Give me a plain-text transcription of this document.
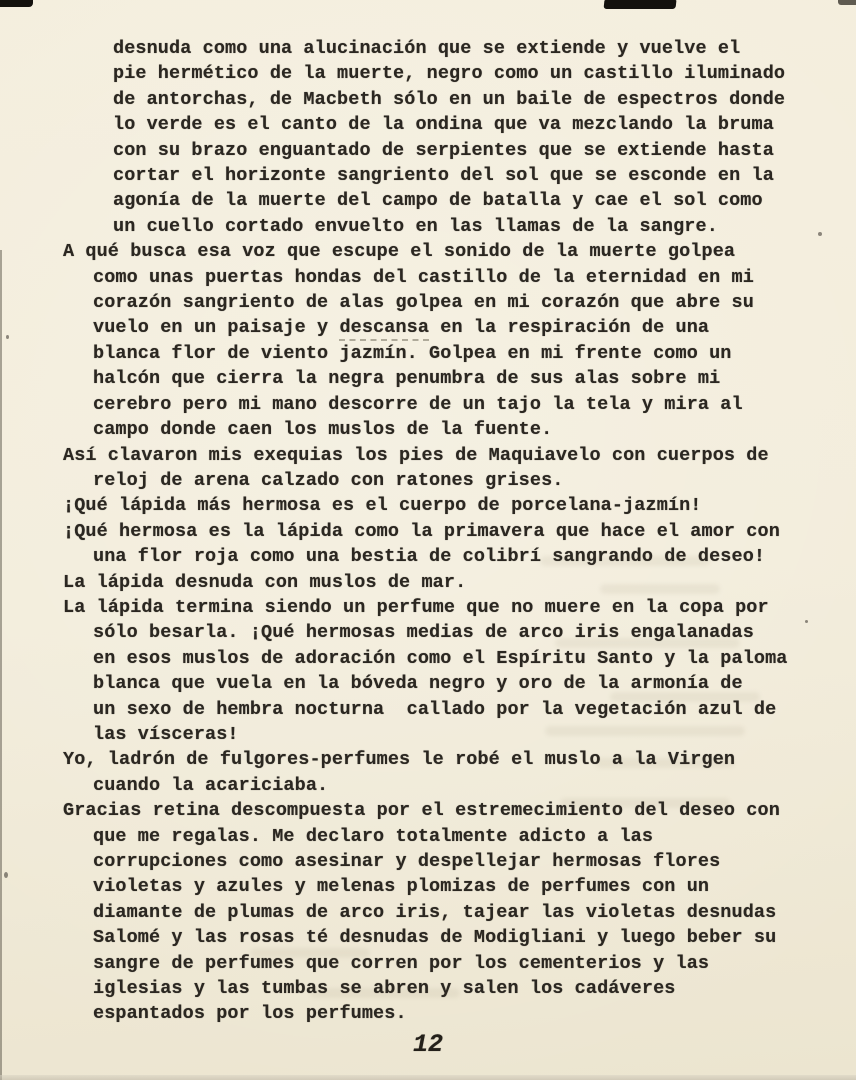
desnuda como una alucinación que se extiende y vuelve el
pie hermético de la muerte, negro como un castillo iluminado
de antorchas, de Macbeth sólo en un baile de espectros donde
lo verde es el canto de la ondina que va mezclando la bruma
con su brazo enguantado de serpientes que se extiende hasta
cortar el horizonte sangriento del sol que se esconde en la
agonía de la muerte del campo de batalla y cae el sol como
un cuello cortado envuelto en las llamas de la sangre.
A qué busca esa voz que escupe el sonido de la muerte golpea
como unas puertas hondas del castillo de la eternidad en mi
corazón sangriento de alas golpea en mi corazón que abre su
vuelo en un paisaje y descansa en la respiración de una
blanca flor de viento jazmín. Golpea en mi frente como un
halcón que cierra la negra penumbra de sus alas sobre mi
cerebro pero mi mano descorre de un tajo la tela y mira al
campo donde caen los muslos de la fuente.
Así clavaron mis exequias los pies de Maquiavelo con cuerpos de
reloj de arena calzado con ratones grises.
¡Qué lápida más hermosa es el cuerpo de porcelana-jazmín!
¡Qué hermosa es la lápida como la primavera que hace el amor con
una flor roja como una bestia de colibrí sangrando de deseo!
La lápida desnuda con muslos de mar.
La lápida termina siendo un perfume que no muere en la copa por
sólo besarla. ¡Qué hermosas medias de arco iris engalanadas
en esos muslos de adoración como el Espíritu Santo y la paloma
blanca que vuela en la bóveda negro y oro de la armonía de
un sexo de hembra nocturna  callado por la vegetación azul de
las vísceras!
Yo, ladrón de fulgores-perfumes le robé el muslo a la Virgen
cuando la acariciaba.
Gracias retina descompuesta por el estremecimiento del deseo con
que me regalas. Me declaro totalmente adicto a las
corrupciones como asesinar y despellejar hermosas flores
violetas y azules y melenas plomizas de perfumes con un
diamante de plumas de arco iris, tajear las violetas desnudas
Salomé y las rosas té desnudas de Modigliani y luego beber su
sangre de perfumes que corren por los cementerios y las
iglesias y las tumbas se abren y salen los cadáveres
espantados por los perfumes.
12
